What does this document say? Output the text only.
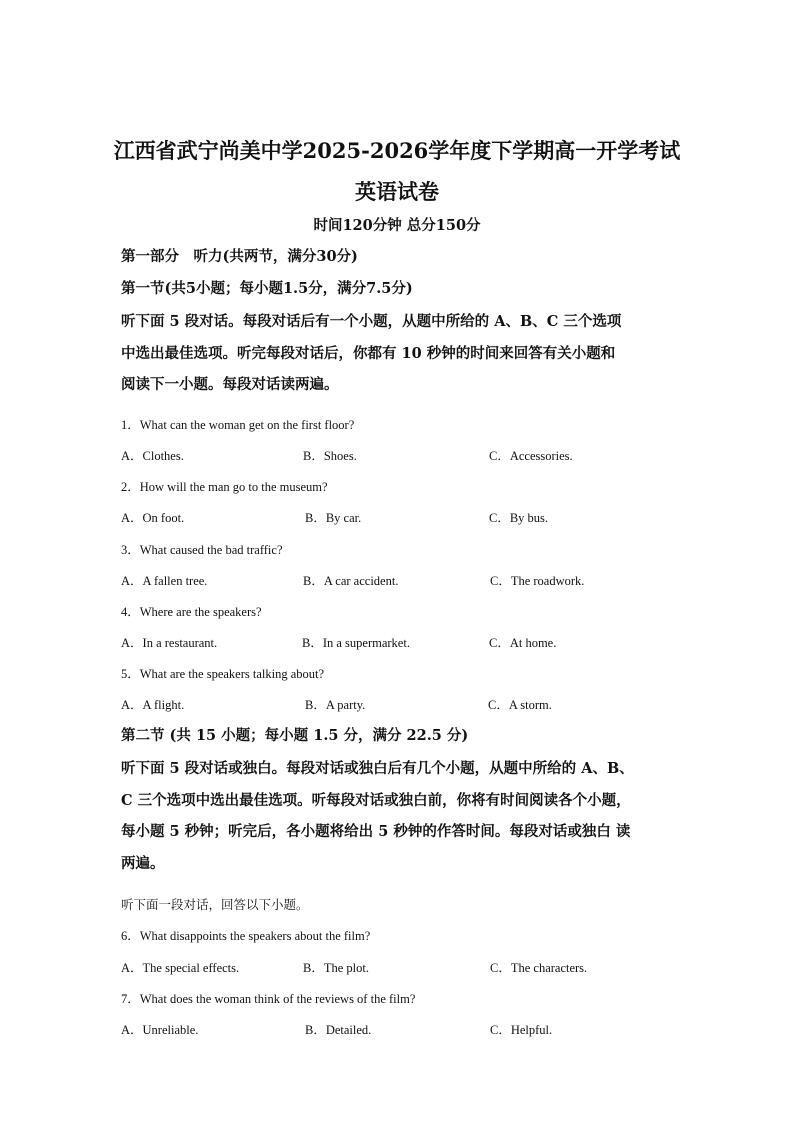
江西省武宁尚美中学2025-2026学年度下学期高一开学考试
英语试卷
时间120分钟 总分150分
第一部分　听力(共两节，满分30分)
第一节(共5小题；每小题1.5分，满分7.5分)
听下面 5 段对话。每段对话后有一个小题，从题中所给的 A、B、C 三个选项
中选出最佳选项。听完每段对话后，你都有 10 秒钟的时间来回答有关小题和
阅读下一小题。每段对话读两遍。
1．What can the woman get on the first floor?
A．Clothes.	B．Shoes.	C．Accessories.
2．How will the man go to the museum?
A．On foot.	B．By car.	C．By bus.
3．What caused the bad traffic?
A．A fallen tree.	B．A car accident.	C．The roadwork.
4．Where are the speakers?
A．In a restaurant.	B．In a supermarket.	C．At home.
5．What are the speakers talking about?
A．A flight.	B．A party.	C．A storm.
第二节 (共 15 小题；每小题 1.5 分，满分 22.5 分)
听下面 5 段对话或独白。每段对话或独白后有几个小题，从题中所给的 A、B、
C 三个选项中选出最佳选项。听每段对话或独白前，你将有时间阅读各个小题，
每小题 5 秒钟；听完后，各小题将给出 5 秒钟的作答时间。每段对话或独白 读
两遍。
听下面一段对话，回答以下小题。
6．What disappoints the speakers about the film?
A．The special effects.	B．The plot.	C．The characters.
7．What does the woman think of the reviews of the film?
A．Unreliable.	B．Detailed.	C．Helpful.
